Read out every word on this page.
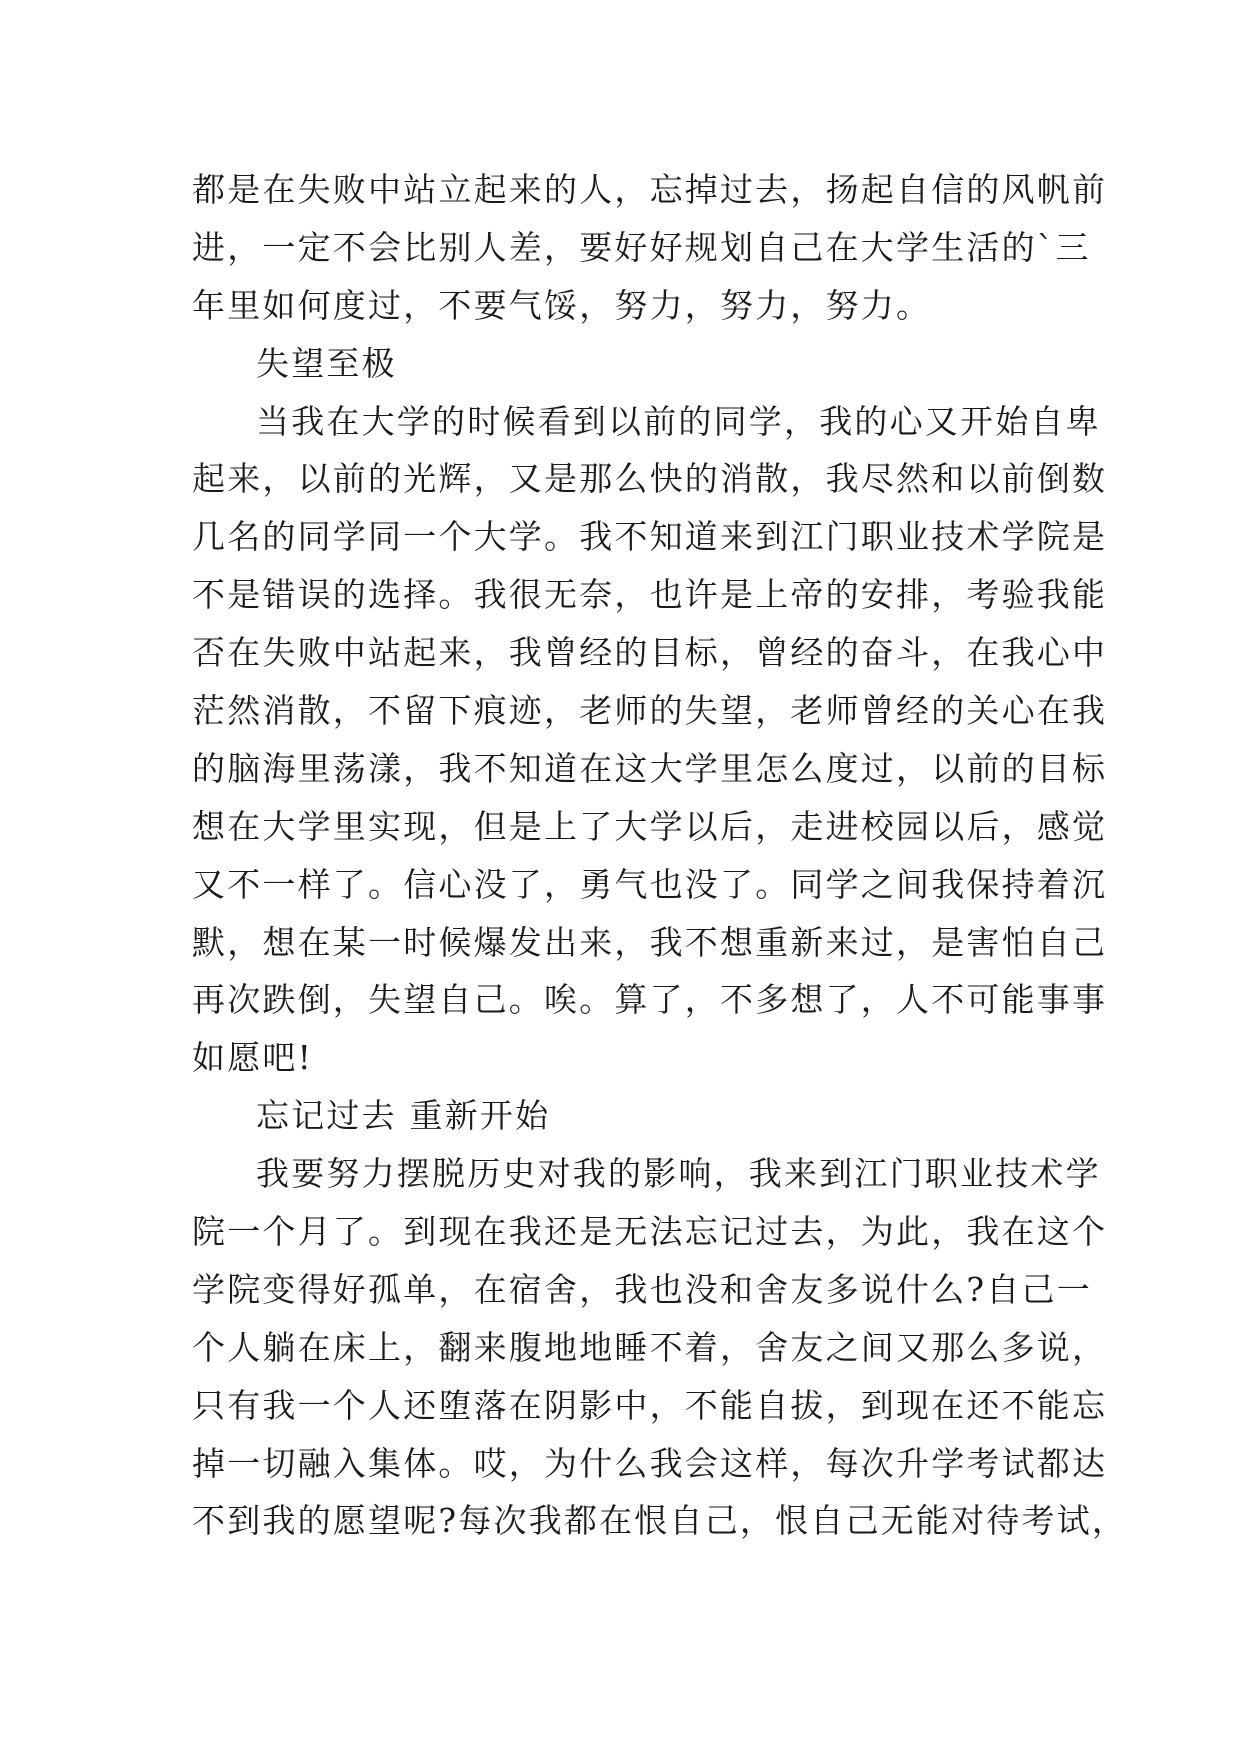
都是在失败中站立起来的人，忘掉过去，扬起自信的风帆前
进，一定不会比别人差，要好好规划自己在大学生活的`三
年里如何度过，不要气馁，努力，努力，努力。
失望至极
当我在大学的时候看到以前的同学，我的心又开始自卑
起来，以前的光辉，又是那么快的消散，我尽然和以前倒数
几名的同学同一个大学。我不知道来到江门职业技术学院是
不是错误的选择。我很无奈，也许是上帝的安排，考验我能
否在失败中站起来，我曾经的目标，曾经的奋斗，在我心中
茫然消散，不留下痕迹，老师的失望，老师曾经的关心在我
的脑海里荡漾，我不知道在这大学里怎么度过，以前的目标
想在大学里实现，但是上了大学以后，走进校园以后，感觉
又不一样了。信心没了，勇气也没了。同学之间我保持着沉
默，想在某一时候爆发出来，我不想重新来过，是害怕自己
再次跌倒，失望自己。唉。算了，不多想了，人不可能事事
如愿吧!
忘记过去 重新开始
我要努力摆脱历史对我的影响，我来到江门职业技术学
院一个月了。到现在我还是无法忘记过去，为此，我在这个
学院变得好孤单，在宿舍，我也没和舍友多说什么?自己一
个人躺在床上，翻来腹地地睡不着，舍友之间又那么多说，
只有我一个人还堕落在阴影中，不能自拔，到现在还不能忘
掉一切融入集体。哎，为什么我会这样，每次升学考试都达
不到我的愿望呢?每次我都在恨自己，恨自己无能对待考试，
